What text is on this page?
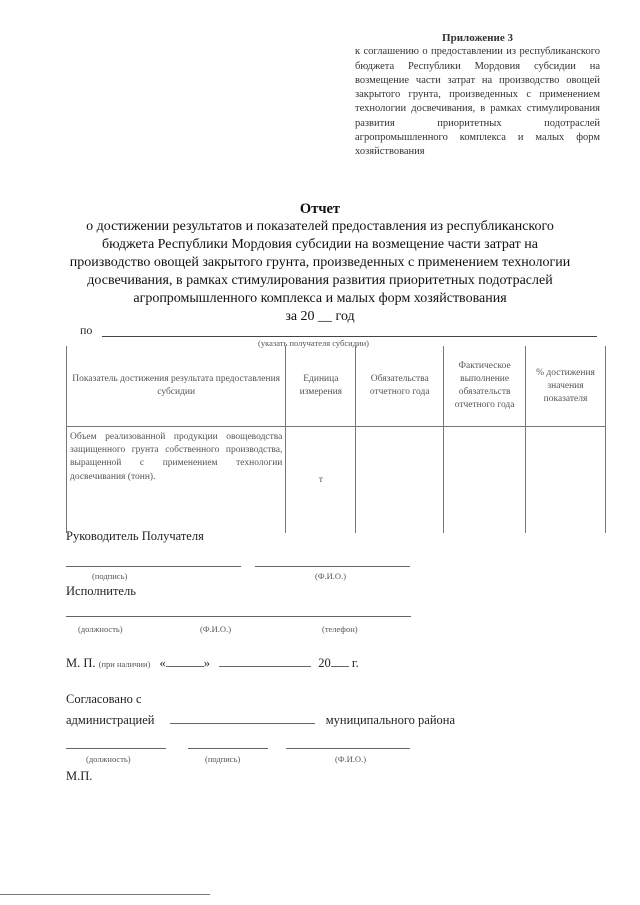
Приложение 3
к соглашению о предоставлении из республиканского бюджета Республики Мордовия субсидии на возмещение части затрат на производство овощей закрытого грунта, произведенных с применением технологии досвечивания, в рамках стимулирования развития приоритетных подотраслей агропромышленного комплекса и малых форм хозяйствования
Отчет
о достижении результатов и показателей предоставления из республиканского бюджета Республики Мордовия субсидии на возмещение части затрат на производство овощей закрытого грунта, произведенных с применением технологии досвечивания, в рамках стимулирования развития приоритетных подотраслей агропромышленного комплекса и малых форм хозяйствования
за 20 __ год
по
(указать получателя субсидии)
Показатель достижения результата предоставления субсидии	Единица измерения	Обязательства отчетного года	Фактическое выполнение обязательств отчетного года	% достижения значения показателя
Объем реализованной продукции овощеводства защищенного грунта собственного производства, выращенной с применением технологии досвечивания (тонн).	т			
Руководитель Получателя
(подпись)	(Ф.И.О.)
Исполнитель
(должность)	(Ф.И.О.)	(телефон)
М. П. (при наличии) «	»	20 г.
Согласовано с
администрацией	муниципального района
(должность)	(подпись)	(Ф.И.О.)
М.П.
